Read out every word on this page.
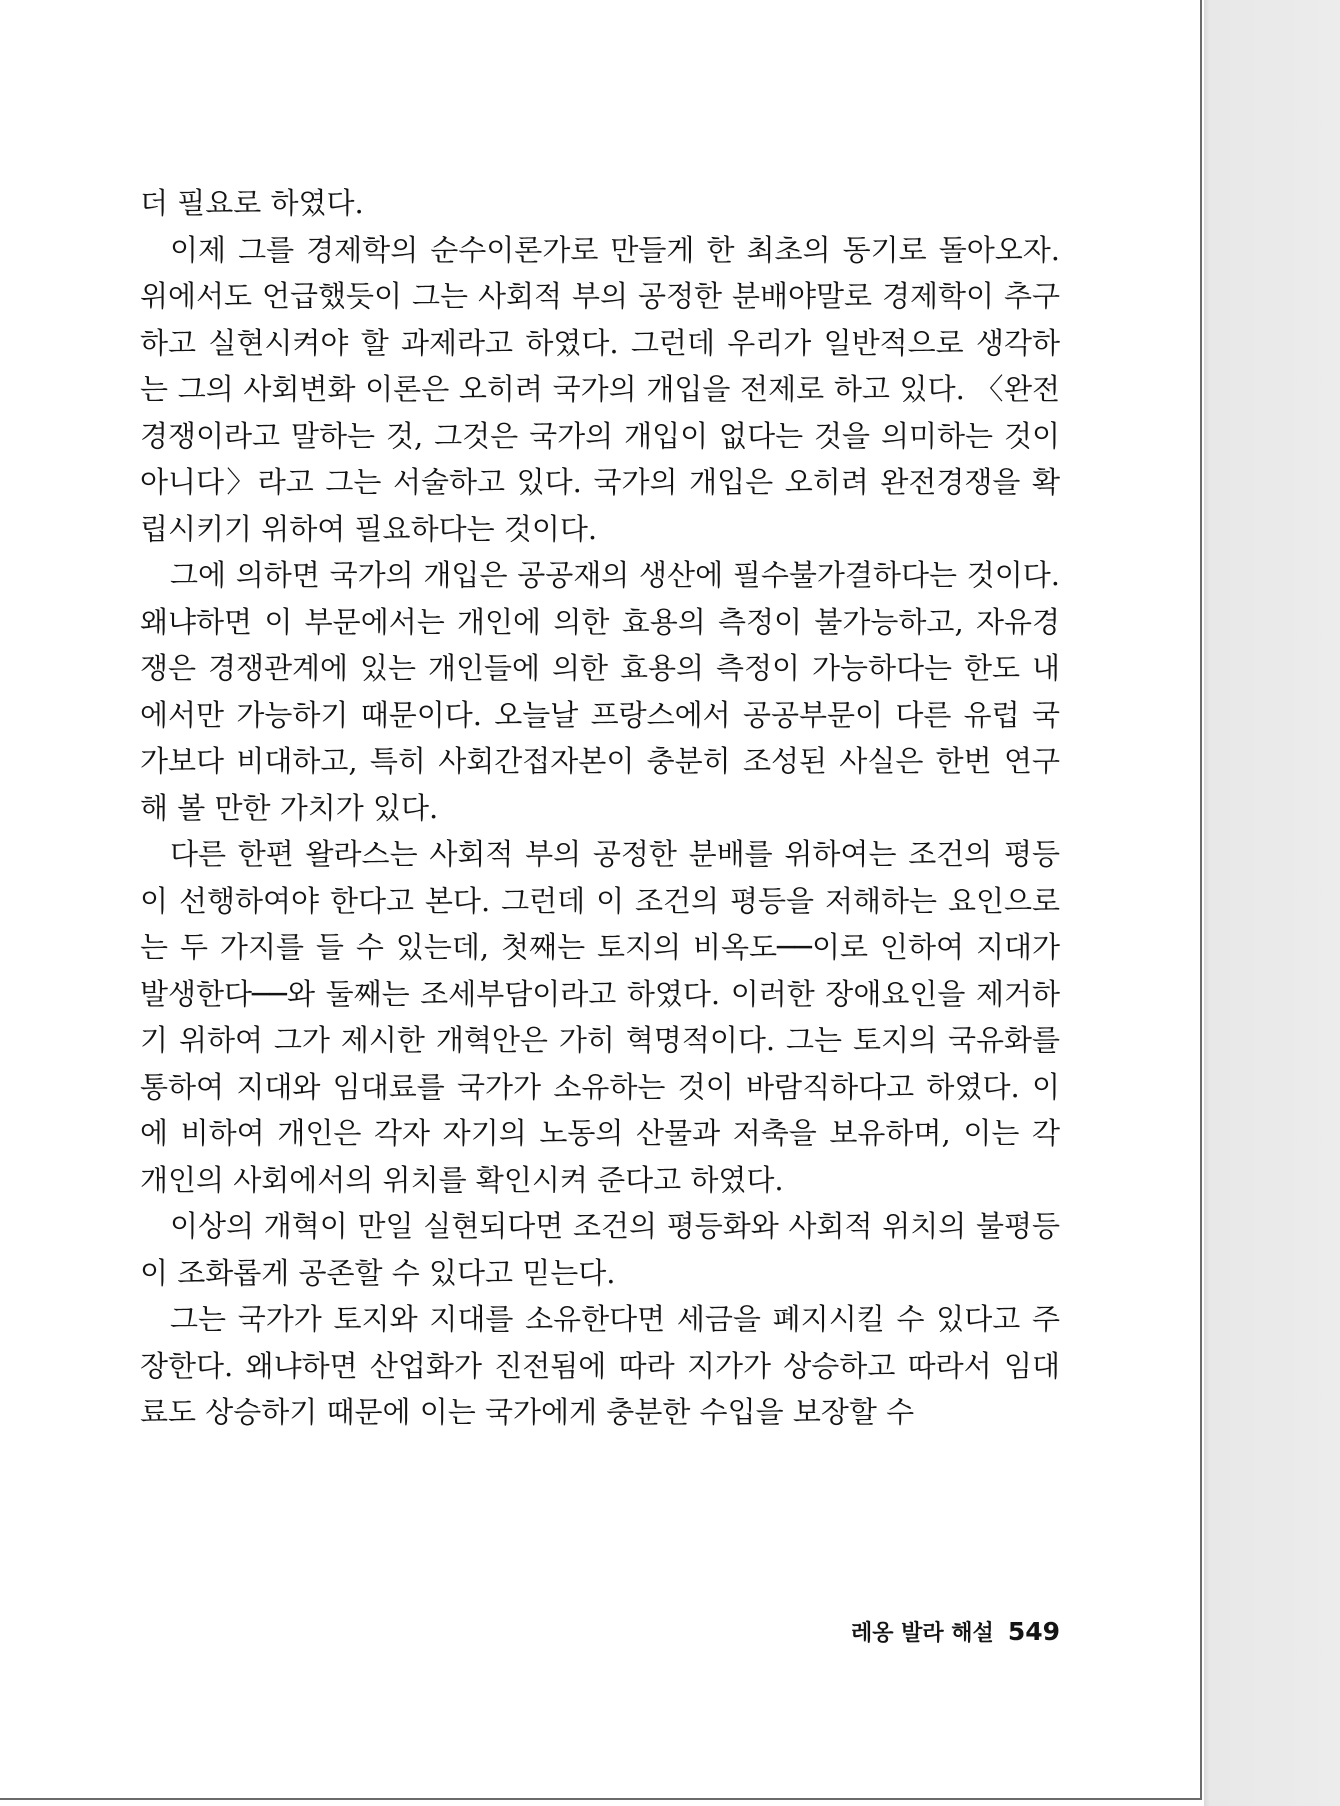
더 필요로 하였다.

이제 그를 경제학의 순수이론가로 만들게 한 최초의 동기로 돌아오자. 위에서도 언급했듯이 그는 사회적 부의 공정한 분배야말로 경제학이 추구하고 실현시켜야 할 과제라고 하였다. 그런데 우리가 일반적으로 생각하는 그의 사회변화 이론은 오히려 국가의 개입을 전제로 하고 있다. 〈완전경쟁이라고 말하는 것, 그것은 국가의 개입이 없다는 것을 의미하는 것이 아니다〉라고 그는 서술하고 있다. 국가의 개입은 오히려 완전경쟁을 확립시키기 위하여 필요하다는 것이다.

그에 의하면 국가의 개입은 공공재의 생산에 필수불가결하다는 것이다. 왜냐하면 이 부문에서는 개인에 의한 효용의 측정이 불가능하고, 자유경쟁은 경쟁관계에 있는 개인들에 의한 효용의 측정이 가능하다는 한도 내에서만 가능하기 때문이다. 오늘날 프랑스에서 공공부문이 다른 유럽 국가보다 비대하고, 특히 사회간접자본이 충분히 조성된 사실은 한번 연구해 볼 만한 가치가 있다.

다른 한편 왈라스는 사회적 부의 공정한 분배를 위하여는 조건의 평등이 선행하여야 한다고 본다. 그런데 이 조건의 평등을 저해하는 요인으로는 두 가지를 들 수 있는데, 첫째는 토지의 비옥도──이로 인하여 지대가 발생한다──와 둘째는 조세부담이라고 하였다. 이러한 장애요인을 제거하기 위하여 그가 제시한 개혁안은 가히 혁명적이다. 그는 토지의 국유화를 통하여 지대와 임대료를 국가가 소유하는 것이 바람직하다고 하였다. 이에 비하여 개인은 각자 자기의 노동의 산물과 저축을 보유하며, 이는 각 개인의 사회에서의 위치를 확인시켜 준다고 하였다.

이상의 개혁이 만일 실현되다면 조건의 평등화와 사회적 위치의 불평등이 조화롭게 공존할 수 있다고 믿는다.

그는 국가가 토지와 지대를 소유한다면 세금을 폐지시킬 수 있다고 주장한다. 왜냐하면 산업화가 진전됨에 따라 지가가 상승하고 따라서 임대료도 상승하기 때문에 이는 국가에게 충분한 수입을 보장할 수

레옹 발라 해설 549
